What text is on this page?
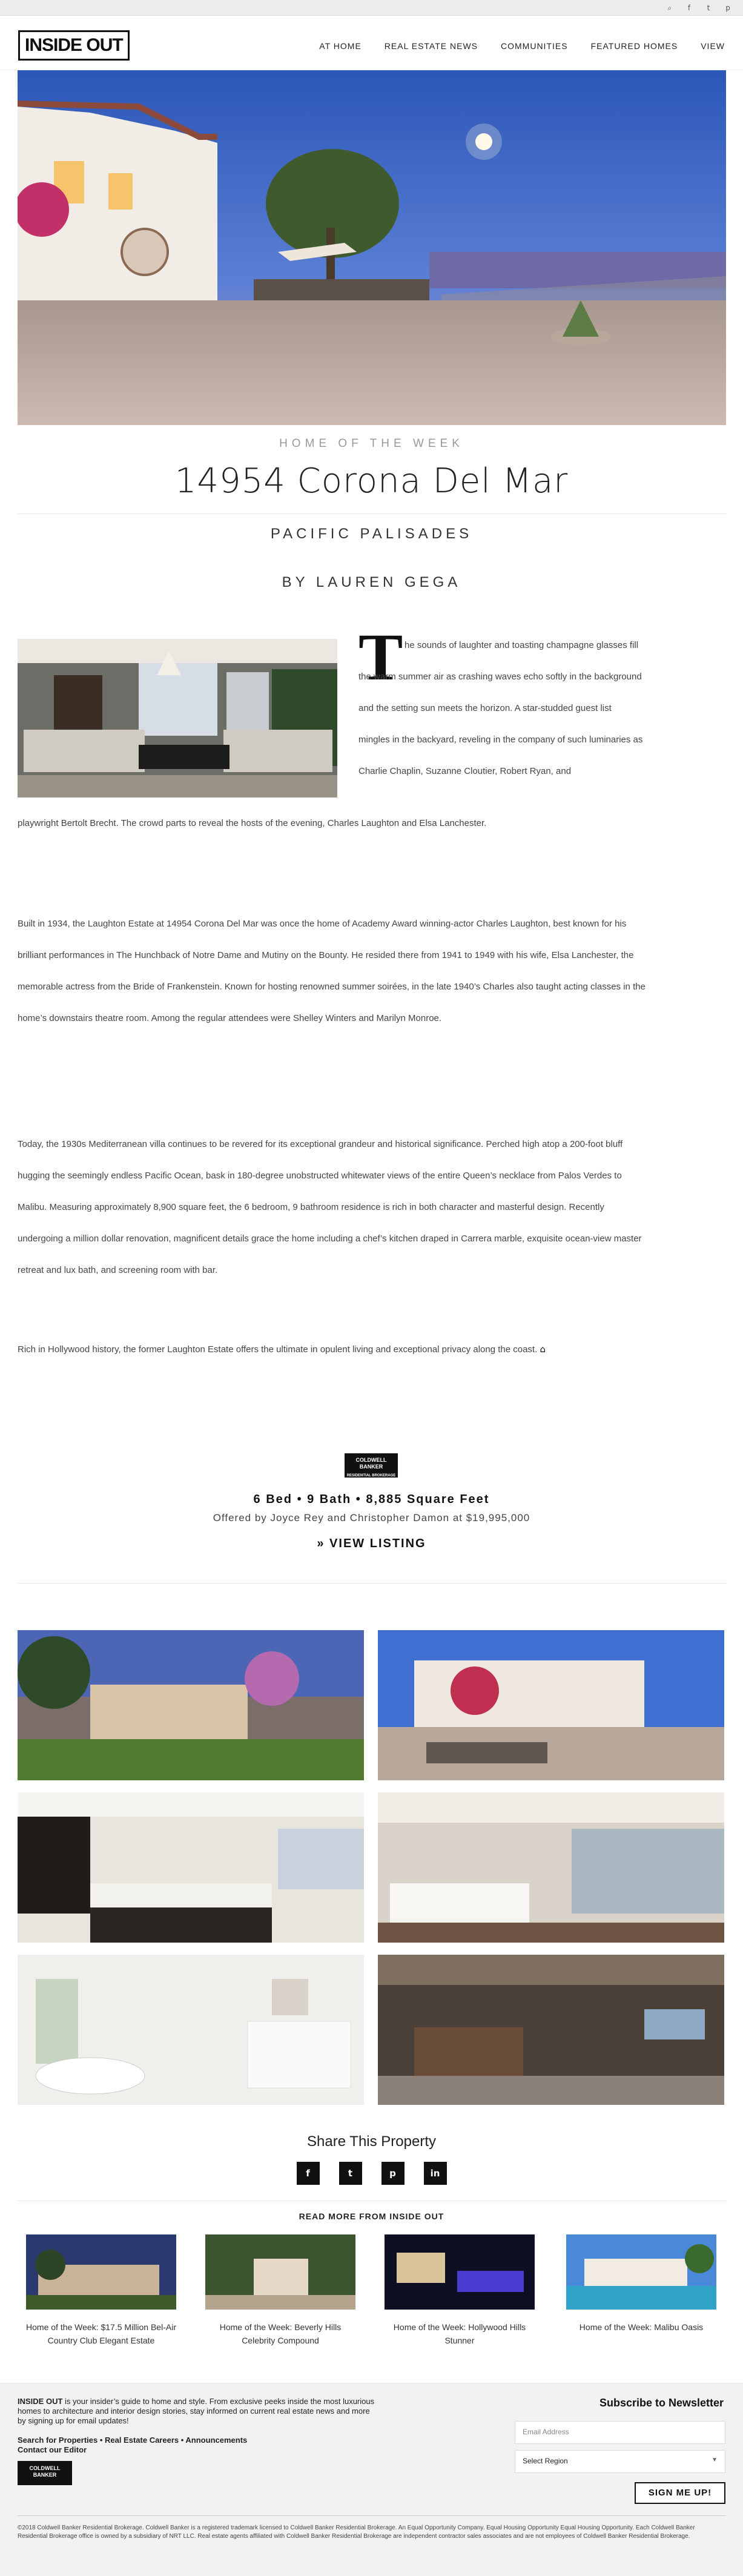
⌕	f	t	p
INSIDE OUT	AT HOME	REAL ESTATE NEWS	COMMUNITIES	FEATURED HOMES	VIEW
HOME OF THE WEEK
14954 Corona Del Mar
PACIFIC PALISADES
BY LAUREN GEGA
T he sounds of laughter and toasting champagne glasses fill the warm summer air as crashing waves echo softly in the background and the setting sun meets the horizon. A star-studded guest list mingles in the backyard, reveling in the company of such luminaries as Charlie Chaplin, Suzanne Cloutier, Robert Ryan, and
playwright Bertolt Brecht. The crowd parts to reveal the hosts of the evening, Charles Laughton and Elsa Lanchester.
Built in 1934, the Laughton Estate at 14954 Corona Del Mar was once the home of Academy Award winning-actor Charles Laughton, best known for his brilliant performances in The Hunchback of Notre Dame and Mutiny on the Bounty. He resided there from 1941 to 1949 with his wife, Elsa Lanchester, the memorable actress from the Bride of Frankenstein. Known for hosting renowned summer soirées, in the late 1940’s Charles also taught acting classes in the home’s downstairs theatre room. Among the regular attendees were Shelley Winters and Marilyn Monroe.
Today, the 1930s Mediterranean villa continues to be revered for its exceptional grandeur and historical significance. Perched high atop a 200-foot bluff hugging the seemingly endless Pacific Ocean, bask in 180-degree unobstructed whitewater views of the entire Queen’s necklace from Palos Verdes to Malibu. Measuring approximately 8,900 square feet, the 6 bedroom, 9 bathroom residence is rich in both character and masterful design. Recently undergoing a million dollar renovation, magnificent details grace the home including a chef’s kitchen draped in Carrera marble, exquisite ocean-view master retreat and lux bath, and screening room with bar.
Rich in Hollywood history, the former Laughton Estate offers the ultimate in opulent living and exceptional privacy along the coast. ⌂
COLDWELL BANKER
RESIDENTIAL BROKERAGE
6 Bed • 9 Bath • 8,885 Square Feet
Offered by Joyce Rey and Christopher Damon at $19,995,000
» VIEW LISTING
Share This Property
f	t	p	in
READ MORE FROM INSIDE OUT
Home of the Week: $17.5 Million Bel-Air Country Club Elegant Estate
Home of the Week: Beverly Hills Celebrity Compound
Home of the Week: Hollywood Hills Stunner
Home of the Week: Malibu Oasis
INSIDE OUT is your insider’s guide to home and style. From exclusive peeks inside the most luxurious homes to architecture and interior design stories, stay informed on current real estate news and more by signing up for email updates!
Search for Properties • Real Estate Careers • Announcements
Contact our Editor
COLDWELL BANKER
Subscribe to Newsletter
Email Address
Select Region	▼
SIGN ME UP!
©2018 Coldwell Banker Residential Brokerage. Coldwell Banker is a registered trademark licensed to Coldwell Banker Residential Brokerage. An Equal Opportunity Company. Equal Housing Opportunity Equal Housing Opportunity. Each Coldwell Banker Residential Brokerage office is owned by a subsidiary of NRT LLC. Real estate agents affiliated with Coldwell Banker Residential Brokerage are independent contractor sales associates and are not employees of Coldwell Banker Residential Brokerage.
